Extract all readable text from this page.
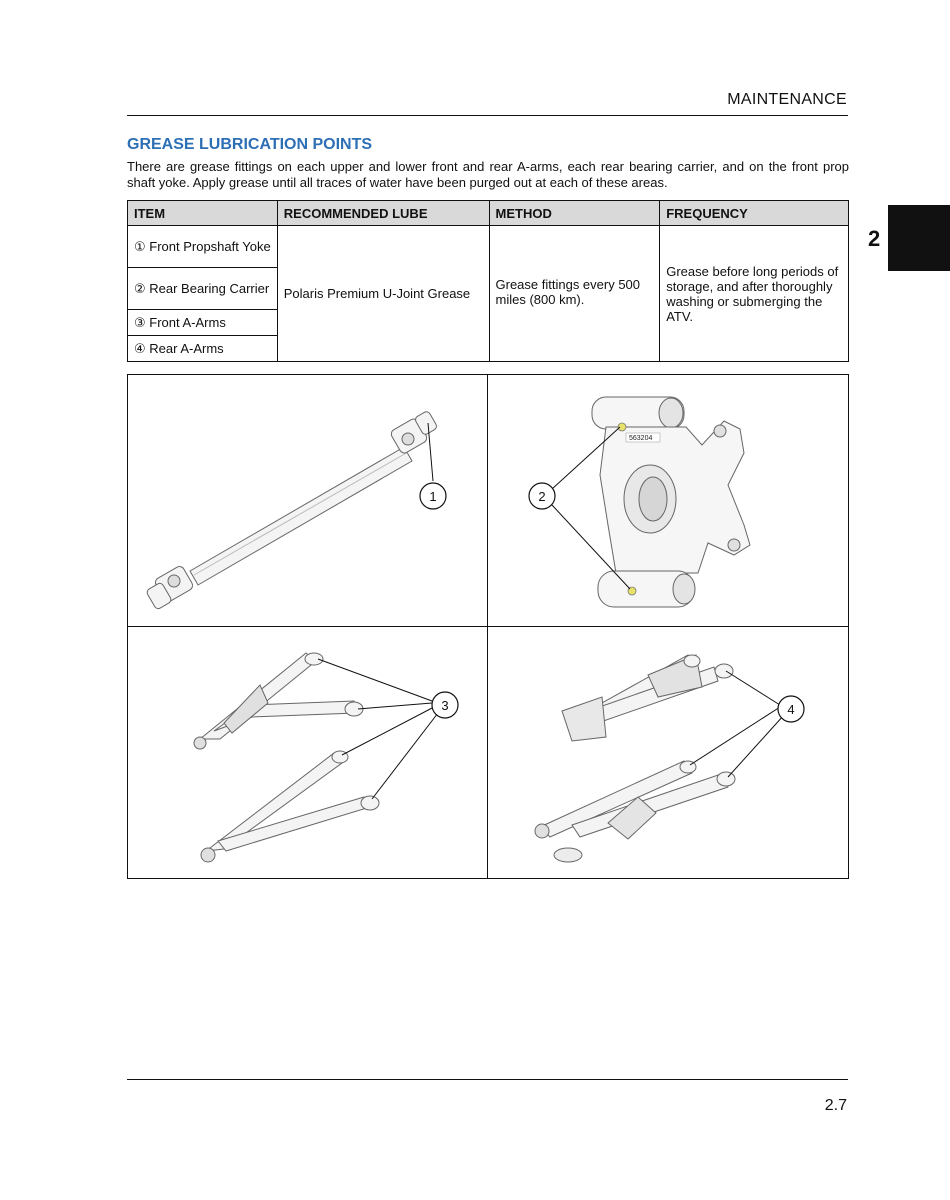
MAINTENANCE
2
GREASE LUBRICATION POINTS
There are grease fittings on each upper and lower front and rear A-arms, each rear bearing carrier, and on the front prop shaft yoke. Apply grease until all traces of water have been purged out at each of these areas.
ITEM	RECOMMENDED LUBE	METHOD	FREQUENCY
① Front Propshaft Yoke	Polaris Premium U-Joint Grease	Grease fittings every 500 miles (800 km).	Grease before long periods of storage, and after thoroughly washing or submerging the ATV.
② Rear Bearing Carrier			
③ Front A-Arms			
④ Rear A-Arms			
1
563204
2
3	4
2.7
